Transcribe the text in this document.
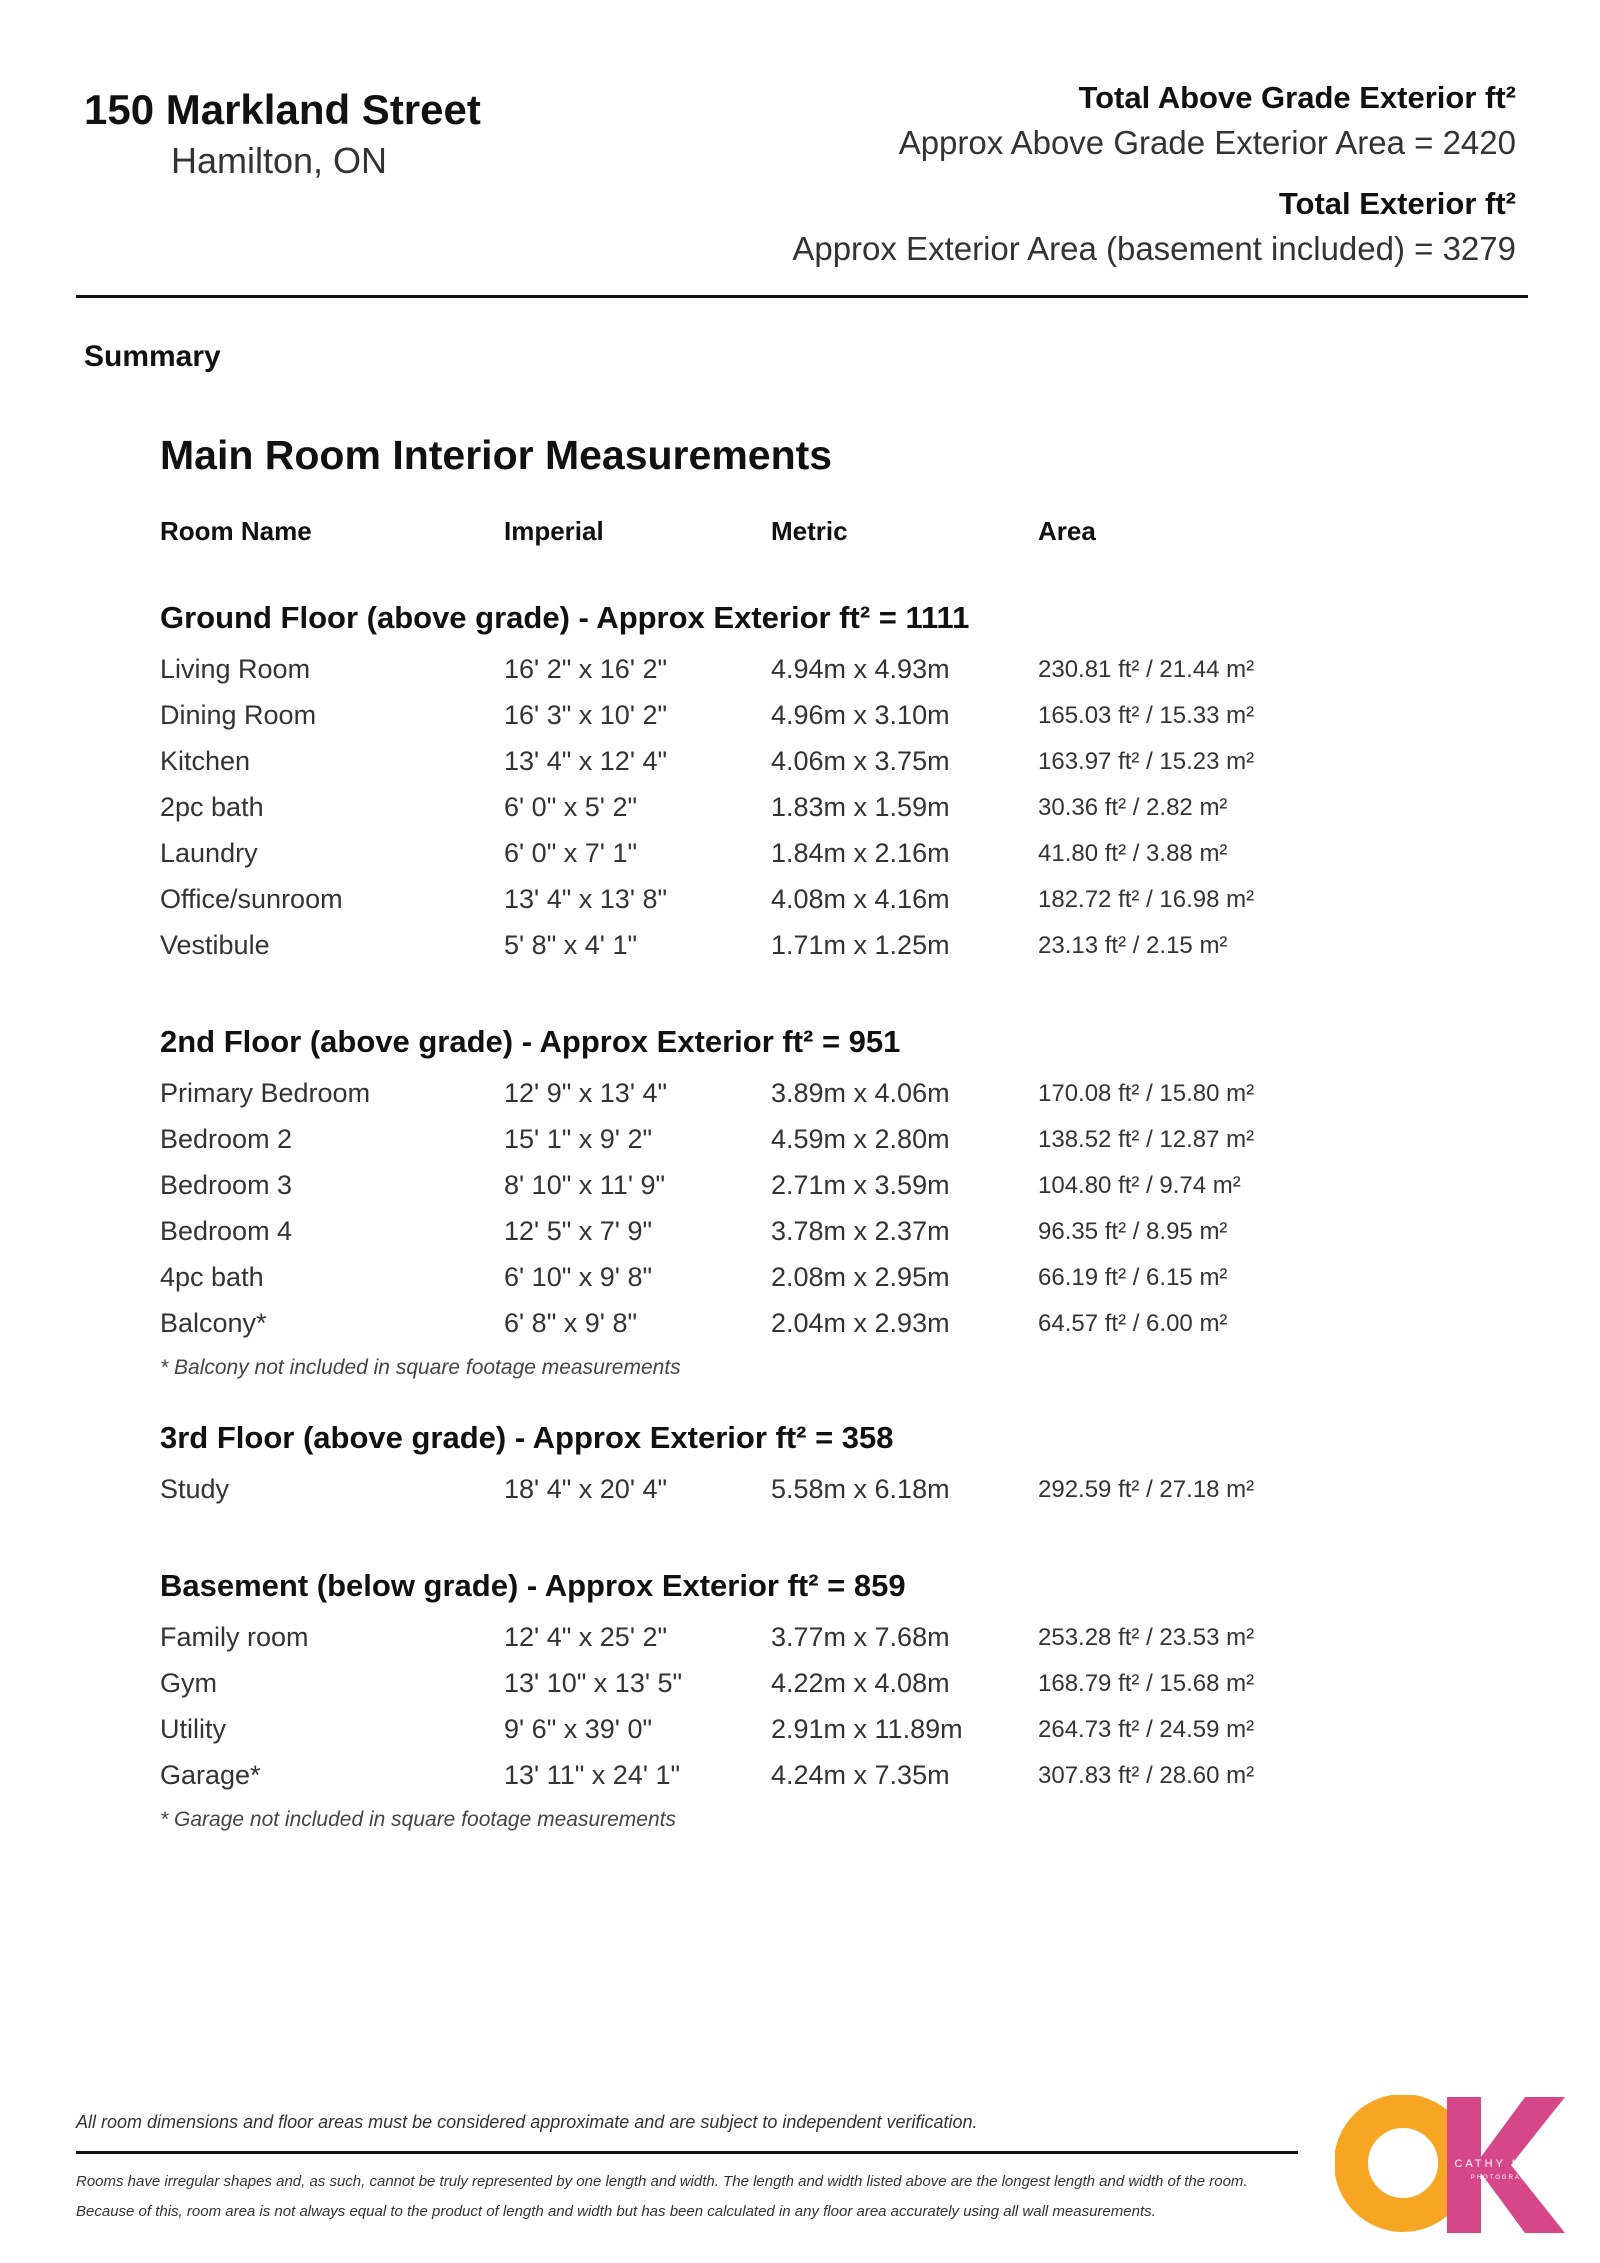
150 Markland Street
Hamilton, ON
Total Above Grade Exterior ft²
Approx Above Grade Exterior Area = 2420
Total Exterior ft²
Approx Exterior Area (basement included) = 3279
Summary
Main Room Interior Measurements
Room Name	Imperial	Metric	Area
Ground Floor (above grade) - Approx Exterior ft² = 1111
Living Room	16' 2" x 16' 2"	4.94m x 4.93m	230.81 ft² / 21.44 m²
Dining Room	16' 3" x 10' 2"	4.96m x 3.10m	165.03 ft² / 15.33 m²
Kitchen	13' 4" x 12' 4"	4.06m x 3.75m	163.97 ft² / 15.23 m²
2pc bath	6' 0" x 5' 2"	1.83m x 1.59m	30.36 ft² / 2.82 m²
Laundry	6' 0" x 7' 1"	1.84m x 2.16m	41.80 ft² / 3.88 m²
Office/sunroom	13' 4" x 13' 8"	4.08m x 4.16m	182.72 ft² / 16.98 m²
Vestibule	5' 8" x 4' 1"	1.71m x 1.25m	23.13 ft² / 2.15 m²
2nd Floor (above grade) - Approx Exterior ft² = 951
Primary Bedroom	12' 9" x 13' 4"	3.89m x 4.06m	170.08 ft² / 15.80 m²
Bedroom 2	15' 1" x 9' 2"	4.59m x 2.80m	138.52 ft² / 12.87 m²
Bedroom 3	8' 10" x 11' 9"	2.71m x 3.59m	104.80 ft² / 9.74 m²
Bedroom 4	12' 5" x 7' 9"	3.78m x 2.37m	96.35 ft² / 8.95 m²
4pc bath	6' 10" x 9' 8"	2.08m x 2.95m	66.19 ft² / 6.15 m²
Balcony*	6' 8" x 9' 8"	2.04m x 2.93m	64.57 ft² / 6.00 m²
* Balcony not included in square footage measurements
3rd Floor (above grade) - Approx Exterior ft² = 358
Study	18' 4" x 20' 4"	5.58m x 6.18m	292.59 ft² / 27.18 m²
Basement (below grade) - Approx Exterior ft² = 859
Family room	12' 4" x 25' 2"	3.77m x 7.68m	253.28 ft² / 23.53 m²
Gym	13' 10" x 13' 5"	4.22m x 4.08m	168.79 ft² / 15.68 m²
Utility	9' 6" x 39' 0"	2.91m x 11.89m	264.73 ft² / 24.59 m²
Garage*	13' 11" x 24' 1"	4.24m x 7.35m	307.83 ft² / 28.60 m²
* Garage not included in square footage measurements
All room dimensions and floor areas must be considered approximate and are subject to independent verification.
Rooms have irregular shapes and, as such, cannot be truly represented by one length and width. The length and width listed above are the longest length and width of the room.
Because of this, room area is not always equal to the product of length and width but has been calculated in any floor area accurately using all wall measurements.
CATHY KOOP
PHOTOGRAPHY
